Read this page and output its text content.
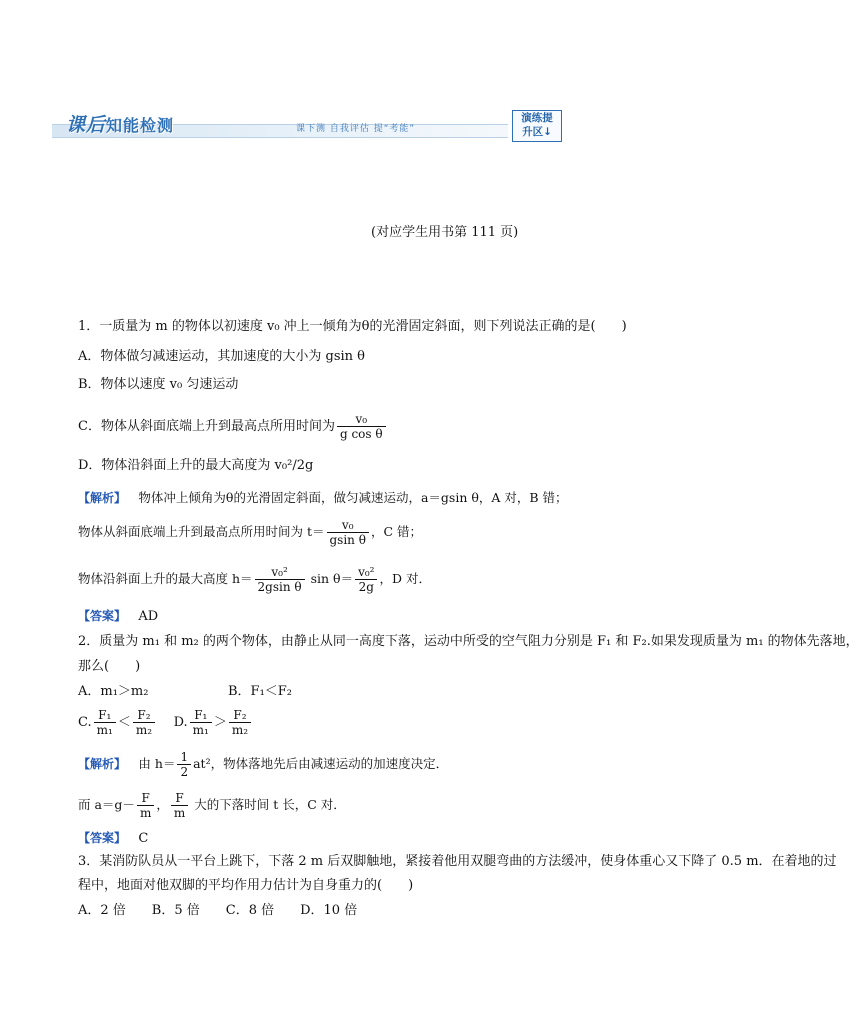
课后知能检测	课下测 自我评估 提“考能”
演练提
升区↓
(对应学生用书第 111 页)
1．一质量为 m 的物体以初速度 v₀ 冲上一倾角为θ的光滑固定斜面，则下列说法正确的是(　　)
A．物体做匀减速运动，其加速度的大小为 gsin θ
B．物体以速度 v₀ 匀速运动
C．物体从斜面底端上升到最高点所用时间为 $\frac{\text{v₀}}{\text{g cos θ}}$
D．物体沿斜面上升的最大高度为 v₀²/2g
【解析】 物体冲上倾角为θ的光滑固定斜面，做匀减速运动，a＝gsin θ，A 对，B 错；
物体从斜面底端上升到最高点所用时间为 $t= \frac{\text{v₀}}{\text{gsin θ}}$ ，C 错；
物体沿斜面上升的最大高度 $h= \frac{\text{v₀²}}{\text{2gsin θ}}$ $\sin \theta= \frac{\text{v₀²}}{2g}$ ，D 对．
【答案】 AD
2．质量为 m₁ 和 m₂ 的两个物体，由静止从同一高度下落，运动中所受的空气阻力分别是 F₁ 和 F₂.如果发现质量为 m₁ 的物体先落地，
那么(　　)
A．m₁＞m₂	B．F₁＜F₂
C. $\frac{\text{F₁}}{\text{m₁}} < \frac{\text{F₂}}{\text{m₂}} D$. $\frac{\text{F₁}}{\text{m₁}} > \frac{\text{F₂}}{\text{m₂}}$
【解析】 由 $h= \frac{1}{2} at^2$，物体落地先后由减速运动的加速度决定．
而 $a=g- \frac{F}{m}$ ， $\frac{F}{m}$ 大的下落时间 t 长，C 对．
【答案】 C
3．某消防队员从一平台上跳下，下落 2 m 后双脚触地，紧接着他用双腿弯曲的方法缓冲，使身体重心又下降了 0.5 m．在着地的过
程中，地面对他双脚的平均作用力估计为自身重力的(　　)
A．2 倍　　B．5 倍　　C．8 倍　　D．10 倍
